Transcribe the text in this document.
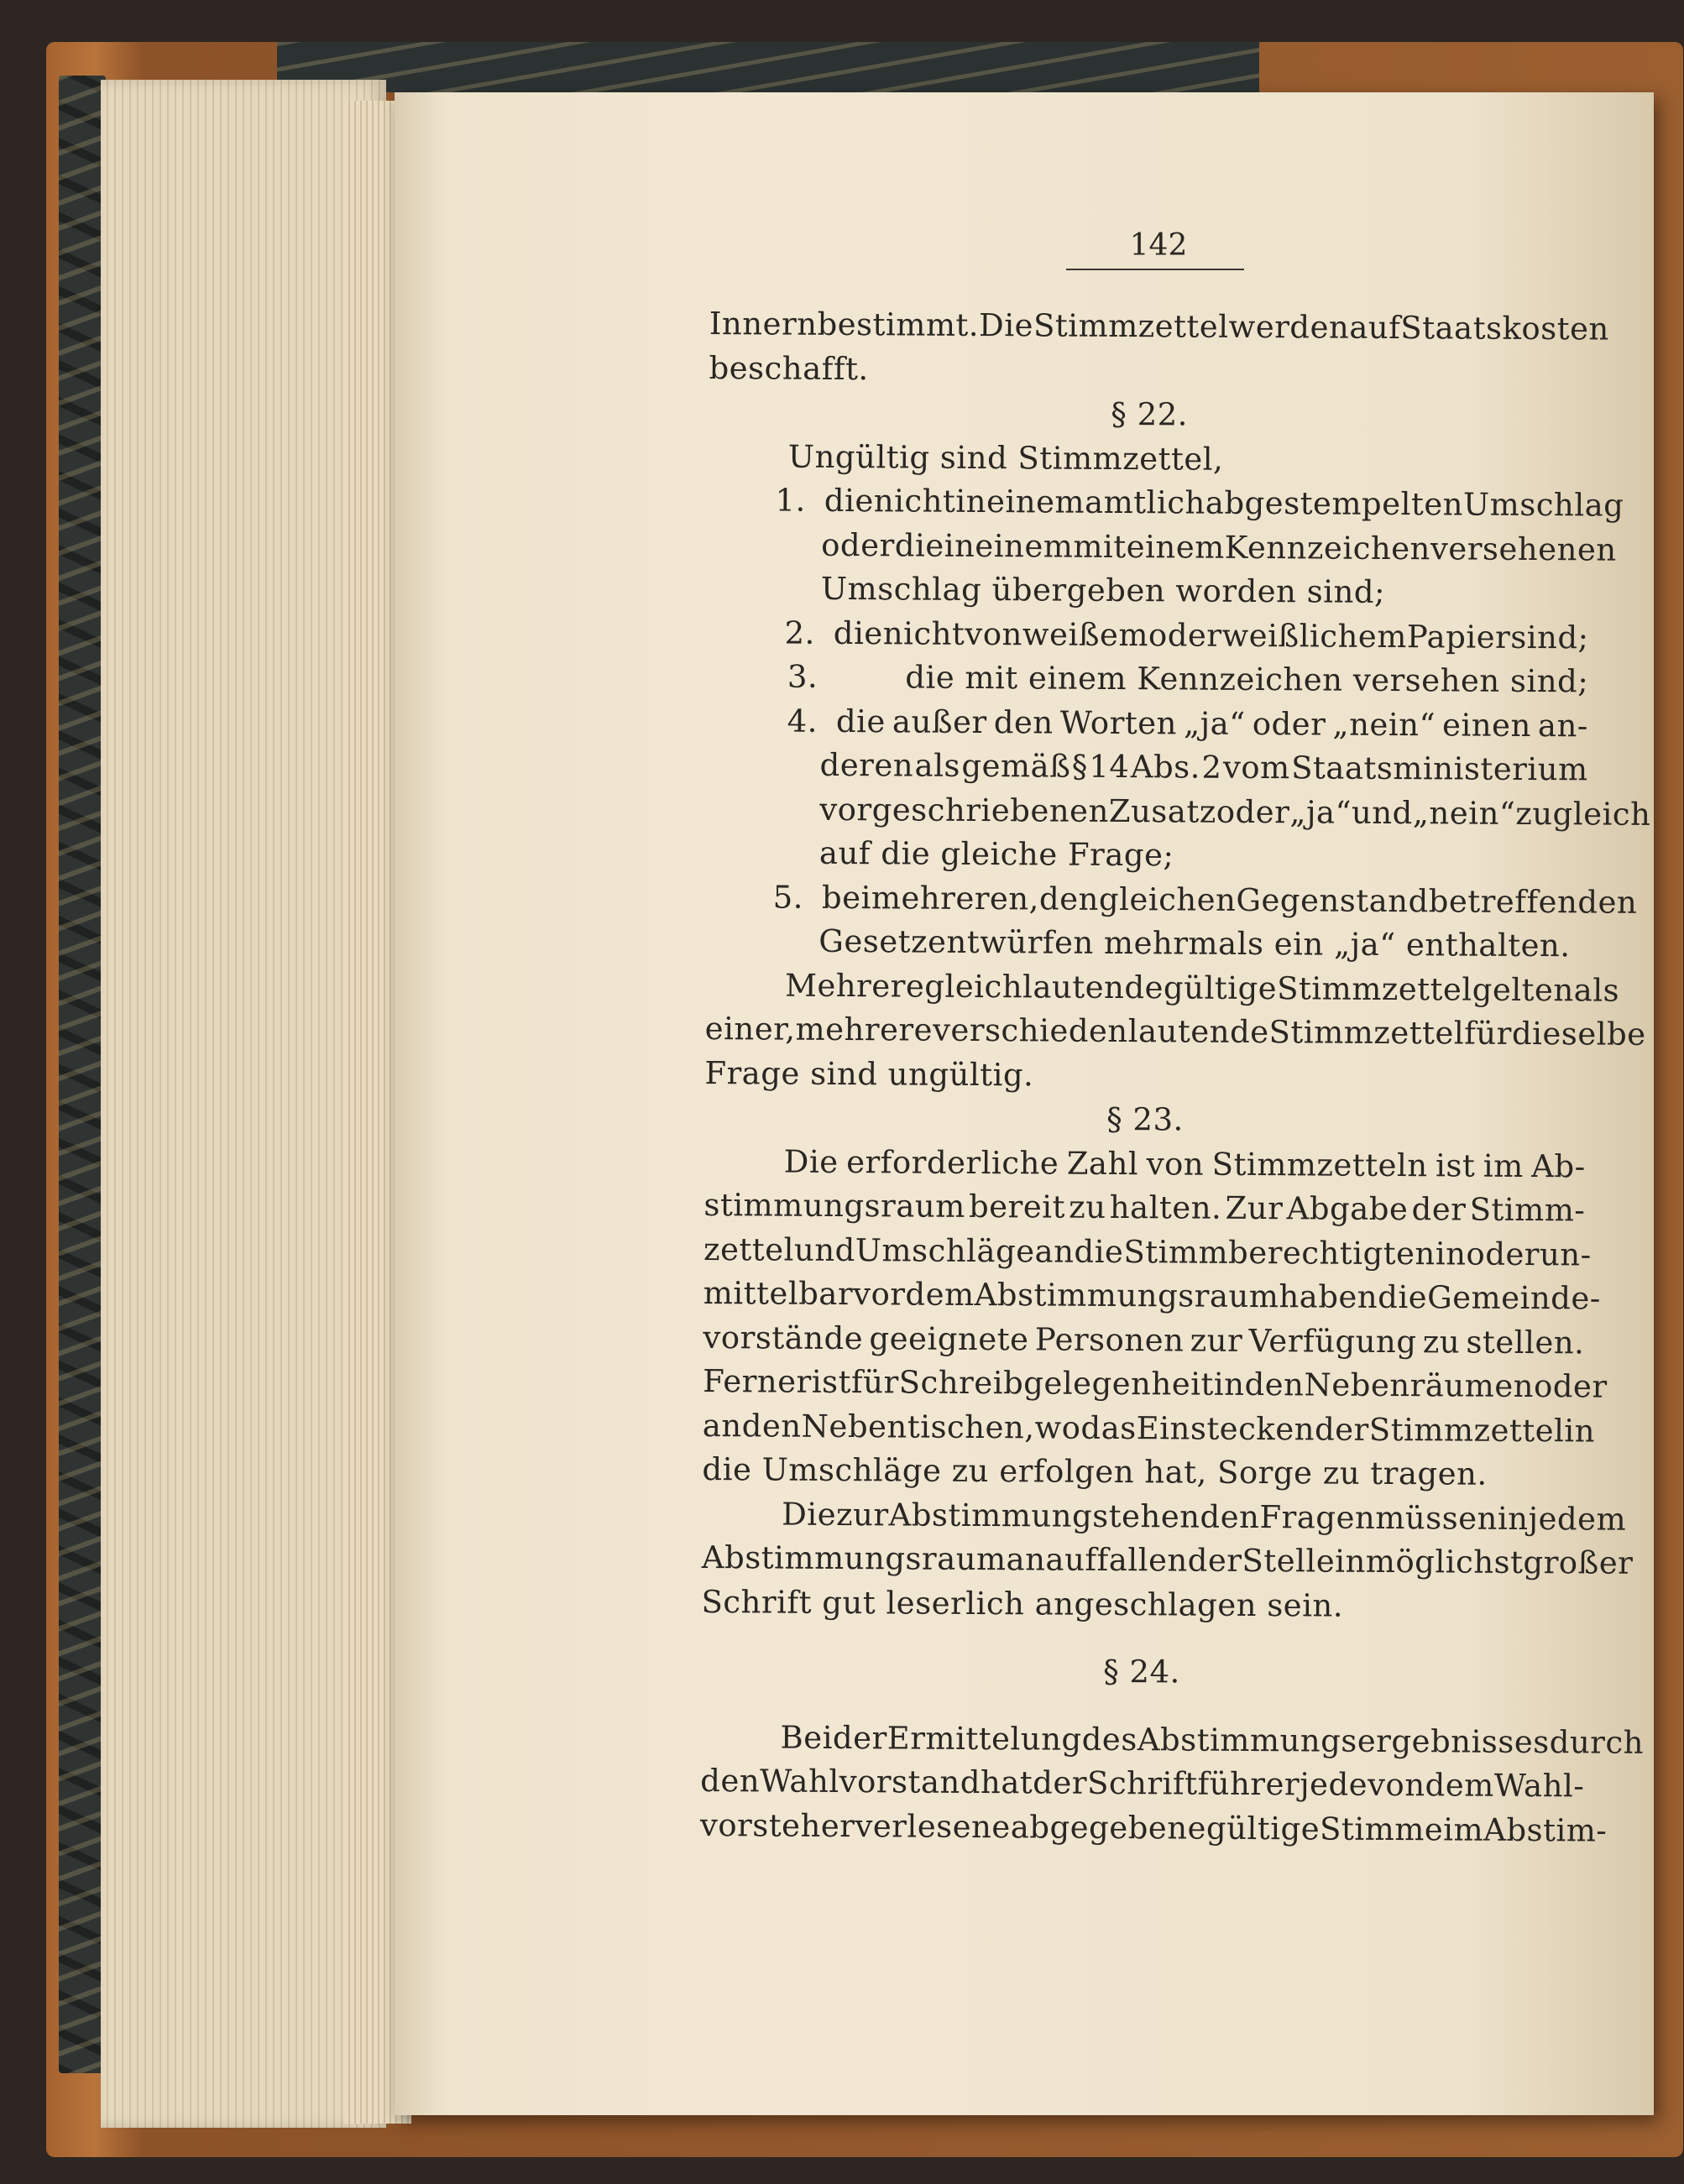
142
Innern bestimmt. Die Stimmzettel werden auf Staatskosten
beschafft.
§ 22.
Ungültig sind Stimmzettel,
1. die nicht in einem amtlich abgestempelten Umschlag
oder die in einem mit einem Kennzeichen versehenen
Umschlag übergeben worden sind;
2. die nicht von weißem oder weißlichem Papier sind;
3.	die mit einem Kennzeichen versehen sind;
4. die außer den Worten „ja“ oder „nein“ einen an-
deren als gemäß § 14 Abs. 2 vom Staatsministerium
vorgeschriebenen Zusatz oder „ja“ und „nein“ zugleich
auf die gleiche Frage;
5. bei mehreren, den gleichen Gegenstand betreffenden
Gesetzentwürfen mehrmals ein „ja“ enthalten.
Mehrere gleichlautende gültige Stimmzettel gelten als
einer, mehrere verschieden lautende Stimmzettel für dieselbe
Frage sind ungültig.
§ 23.
Die erforderliche Zahl von Stimmzetteln ist im Ab-
stimmungsraum bereit zu halten. Zur Abgabe der Stimm-
zettel und Umschläge an die Stimmberechtigten in oder un-
mittelbar vor dem Abstimmungsraum haben die Gemeinde-
vorstände geeignete Personen zur Verfügung zu stellen.
Ferner ist für Schreibgelegenheit in den Nebenräumen oder
an den Nebentischen, wo das Einstecken der Stimmzettel in
die Umschläge zu erfolgen hat, Sorge zu tragen.
Die zur Abstimmung stehenden Fragen müssen in jedem
Abstimmungsraum an auffallender Stelle in möglichst großer
Schrift gut leserlich angeschlagen sein.
§ 24.
Bei der Ermittelung des Abstimmungsergebnisses durch
den Wahlvorstand hat der Schriftführer jede von dem Wahl-
vorsteher verlesene abgegebene gültige Stimme im Abstim-
